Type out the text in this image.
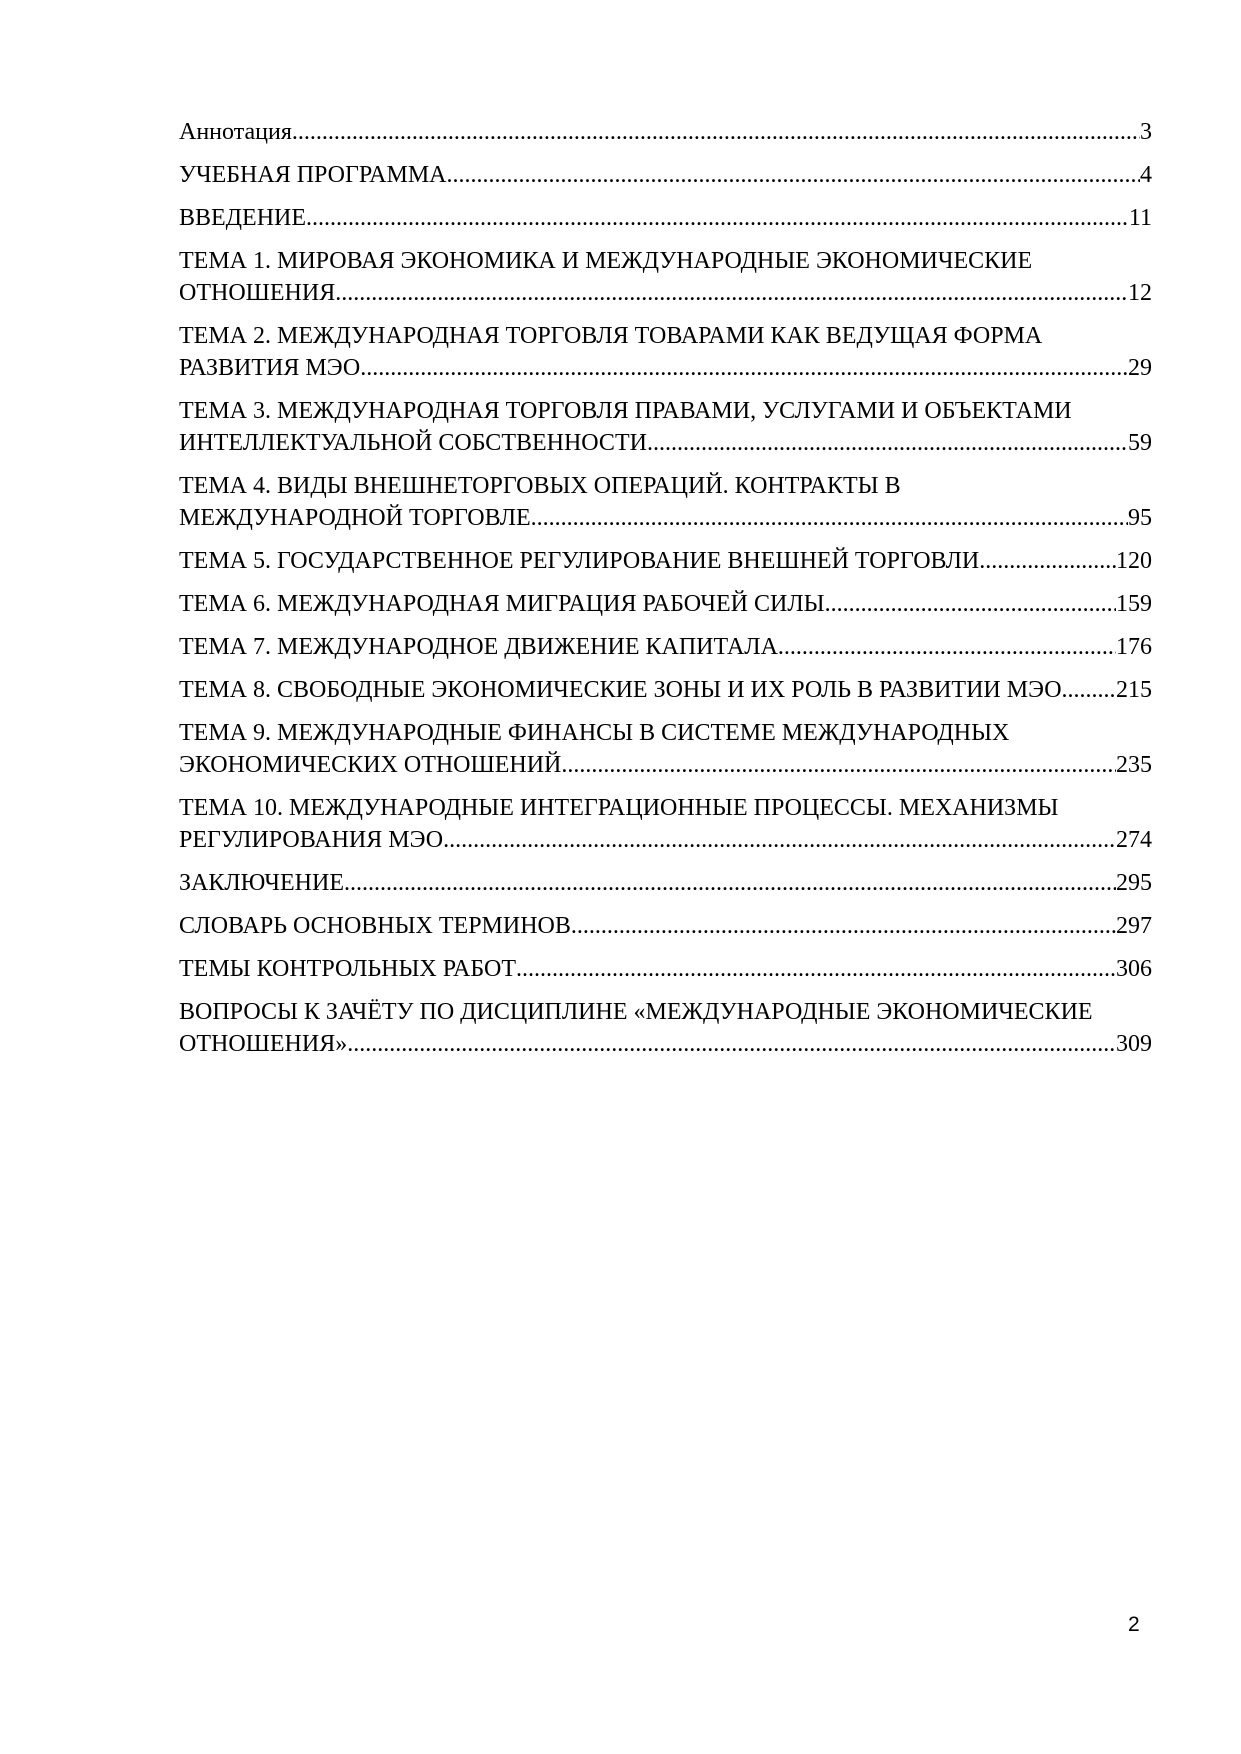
Аннотация .....	3
УЧЕБНАЯ ПРОГРАММА .....	4
ВВЕДЕНИЕ .....	11
ТЕМА 1. МИРОВАЯ ЭКОНОМИКА И МЕЖДУНАРОДНЫЕ ЭКОНОМИЧЕСКИЕ
ОТНОШЕНИЯ .....	12
ТЕМА 2. МЕЖДУНАРОДНАЯ ТОРГОВЛЯ ТОВАРАМИ КАК ВЕДУЩАЯ ФОРМА
РАЗВИТИЯ МЭО .....	29
ТЕМА 3. МЕЖДУНАРОДНАЯ ТОРГОВЛЯ ПРАВАМИ, УСЛУГАМИ И ОБЪЕКТАМИ
ИНТЕЛЛЕКТУАЛЬНОЙ СОБСТВЕННОСТИ .....	59
ТЕМА 4. ВИДЫ ВНЕШНЕТОРГОВЫХ ОПЕРАЦИЙ. КОНТРАКТЫ В
МЕЖДУНАРОДНОЙ ТОРГОВЛЕ .....	95
ТЕМА 5. ГОСУДАРСТВЕННОЕ РЕГУЛИРОВАНИЕ ВНЕШНЕЙ ТОРГОВЛИ .....	120
ТЕМА 6. МЕЖДУНАРОДНАЯ МИГРАЦИЯ РАБОЧЕЙ СИЛЫ .....	159
ТЕМА 7. МЕЖДУНАРОДНОЕ ДВИЖЕНИЕ КАПИТАЛА .....	176
ТЕМА 8. СВОБОДНЫЕ ЭКОНОМИЧЕСКИЕ ЗОНЫ И ИХ РОЛЬ В РАЗВИТИИ МЭО ..... 215
ТЕМА 9. МЕЖДУНАРОДНЫЕ ФИНАНСЫ В СИСТЕМЕ МЕЖДУНАРОДНЫХ
ЭКОНОМИЧЕСКИХ ОТНОШЕНИЙ .....	235
ТЕМА 10. МЕЖДУНАРОДНЫЕ ИНТЕГРАЦИОННЫЕ ПРОЦЕССЫ. МЕХАНИЗМЫ
РЕГУЛИРОВАНИЯ МЭО .....	274
ЗАКЛЮЧЕНИЕ .....	295
СЛОВАРЬ ОСНОВНЫХ ТЕРМИНОВ .....	297
ТЕМЫ КОНТРОЛЬНЫХ РАБОТ .....	306
ВОПРОСЫ К ЗАЧЁТУ ПО ДИСЦИПЛИНЕ «МЕЖДУНАРОДНЫЕ ЭКОНОМИЧЕСКИЕ
ОТНОШЕНИЯ» .....	309
2
